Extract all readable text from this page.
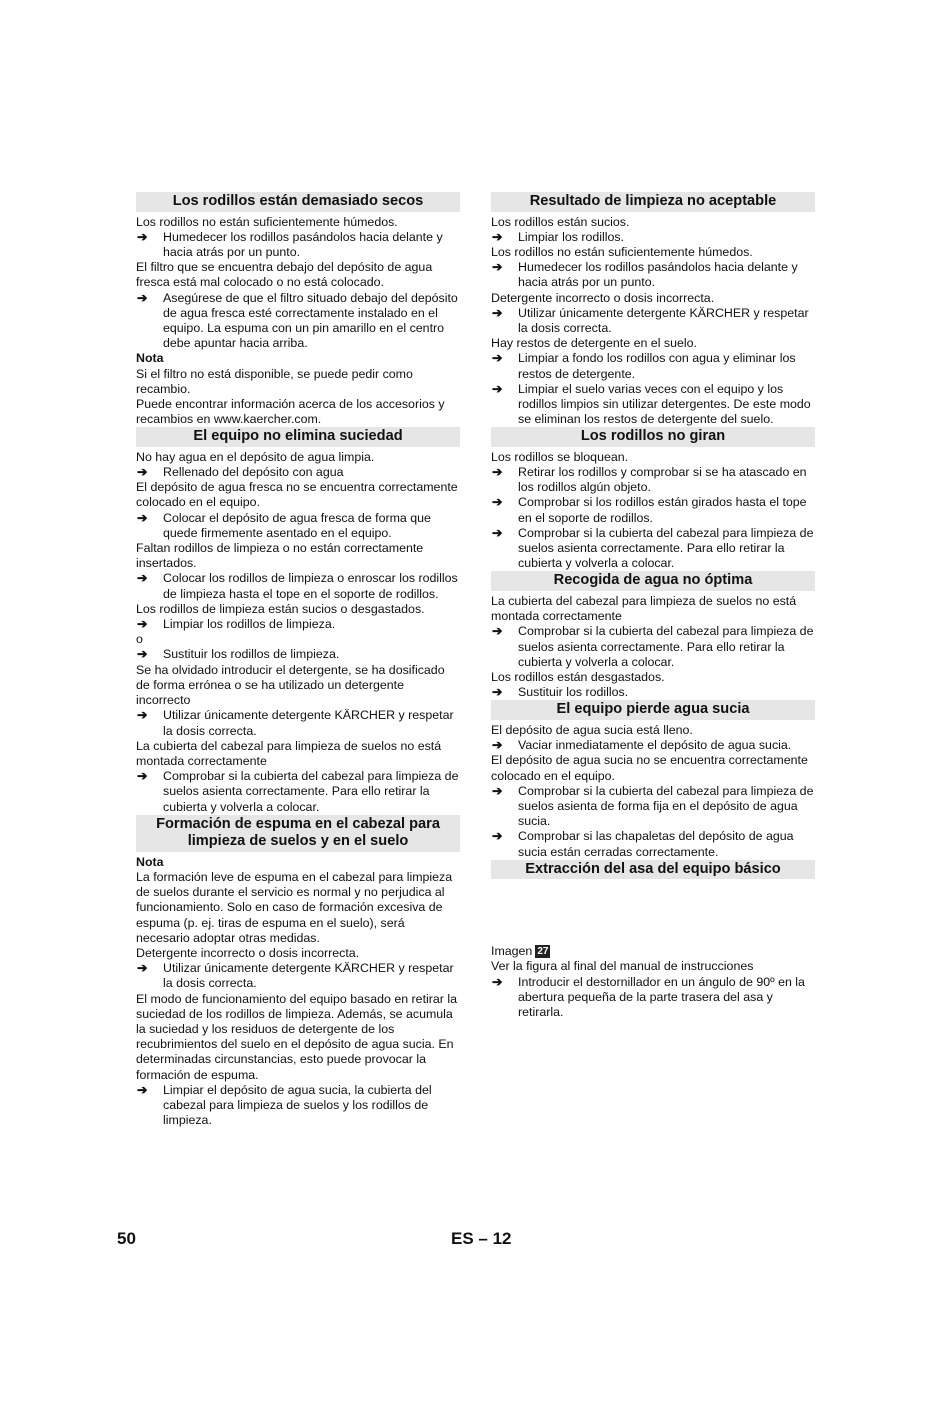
Los rodillos están demasiado secos

Los rodillos no están suficientemente húmedos.

➔ Humedecer los rodillos pasándolos hacia delante y hacia atrás por un punto.

El filtro que se encuentra debajo del depósito de agua fresca está mal colocado o no está colocado.

➔ Asegúrese de que el filtro situado debajo del depósito de agua fresca esté correctamente instalado en el equipo. La espuma con un pin amarillo en el centro debe apuntar hacia arriba.

Nota

Si el filtro no está disponible, se puede pedir como recambio.

Puede encontrar información acerca de los accesorios y recambios en www.kaercher.com.

El equipo no elimina suciedad

No hay agua en el depósito de agua limpia.

➔ Rellenado del depósito con agua

El depósito de agua fresca no se encuentra correctamente colocado en el equipo.

➔ Colocar el depósito de agua fresca de forma que quede firmemente asentado en el equipo.

Faltan rodillos de limpieza o no están correctamente insertados.

➔ Colocar los rodillos de limpieza o enroscar los rodillos de limpieza hasta el tope en el soporte de rodillos.

Los rodillos de limpieza están sucios o desgastados.

➔ Limpiar los rodillos de limpieza.

o

➔ Sustituir los rodillos de limpieza.

Se ha olvidado introducir el detergente, se ha dosificado de forma errónea o se ha utilizado un detergente incorrecto

➔ Utilizar únicamente detergente KÄRCHER y respetar la dosis correcta.

La cubierta del cabezal para limpieza de suelos no está montada correctamente

➔ Comprobar si la cubierta del cabezal para limpieza de suelos asienta correctamente. Para ello retirar la cubierta y volverla a colocar.
Formación de espuma en el cabezal para limpieza de suelos y en el suelo

Nota

La formación leve de espuma en el cabezal para limpieza de suelos durante el servicio es normal y no perjudica al funcionamiento. Solo en caso de formación excesiva de espuma (p. ej. tiras de espuma en el suelo), será necesario adoptar otras medidas.

Detergente incorrecto o dosis incorrecta.

➔ Utilizar únicamente detergente KÄRCHER y respetar la dosis correcta.

El modo de funcionamiento del equipo basado en retirar la suciedad de los rodillos de limpieza. Además, se acumula la suciedad y los residuos de detergente de los recubrimientos del suelo en el depósito de agua sucia. En determinadas circunstancias, esto puede provocar la formación de espuma.

➔ Limpiar el depósito de agua sucia, la cubierta del cabezal para limpieza de suelos y los rodillos de limpieza.
Resultado de limpieza no aceptable

Los rodillos están sucios.

➔ Limpiar los rodillos.

Los rodillos no están suficientemente húmedos.

➔ Humedecer los rodillos pasándolos hacia delante y hacia atrás por un punto.

Detergente incorrecto o dosis incorrecta.

➔ Utilizar únicamente detergente KÄRCHER y respetar la dosis correcta.

Hay restos de detergente en el suelo.

➔ Limpiar a fondo los rodillos con agua y eliminar los restos de detergente.
➔ Limpiar el suelo varias veces con el equipo y los rodillos limpios sin utilizar detergentes. De este modo se eliminan los restos de detergente del suelo.
Los rodillos no giran

Los rodillos se bloquean.

➔ Retirar los rodillos y comprobar si se ha atascado en los rodillos algún objeto.
➔ Comprobar si los rodillos están girados hasta el tope en el soporte de rodillos.
➔ Comprobar si la cubierta del cabezal para limpieza de suelos asienta correctamente. Para ello retirar la cubierta y volverla a colocar.
Recogida de agua no óptima

La cubierta del cabezal para limpieza de suelos no está montada correctamente

➔ Comprobar si la cubierta del cabezal para limpieza de suelos asienta correctamente. Para ello retirar la cubierta y volverla a colocar.

Los rodillos están desgastados.

➔ Sustituir los rodillos.
El equipo pierde agua sucia

El depósito de agua sucia está lleno.

➔ Vaciar inmediatamente el depósito de agua sucia.

El depósito de agua sucia no se encuentra correctamente colocado en el equipo.

➔ Comprobar si la cubierta del cabezal para limpieza de suelos asienta de forma fija en el depósito de agua sucia.
➔ Comprobar si las chapaletas del depósito de agua sucia están cerradas correctamente.
Extracción del asa del equipo básico

Imagen 27

Ver la figura al final del manual de instrucciones

➔ Introducir el destornillador en un ángulo de 90º en la abertura pequeña de la parte trasera del asa y retirarla.
50	ES – 12
